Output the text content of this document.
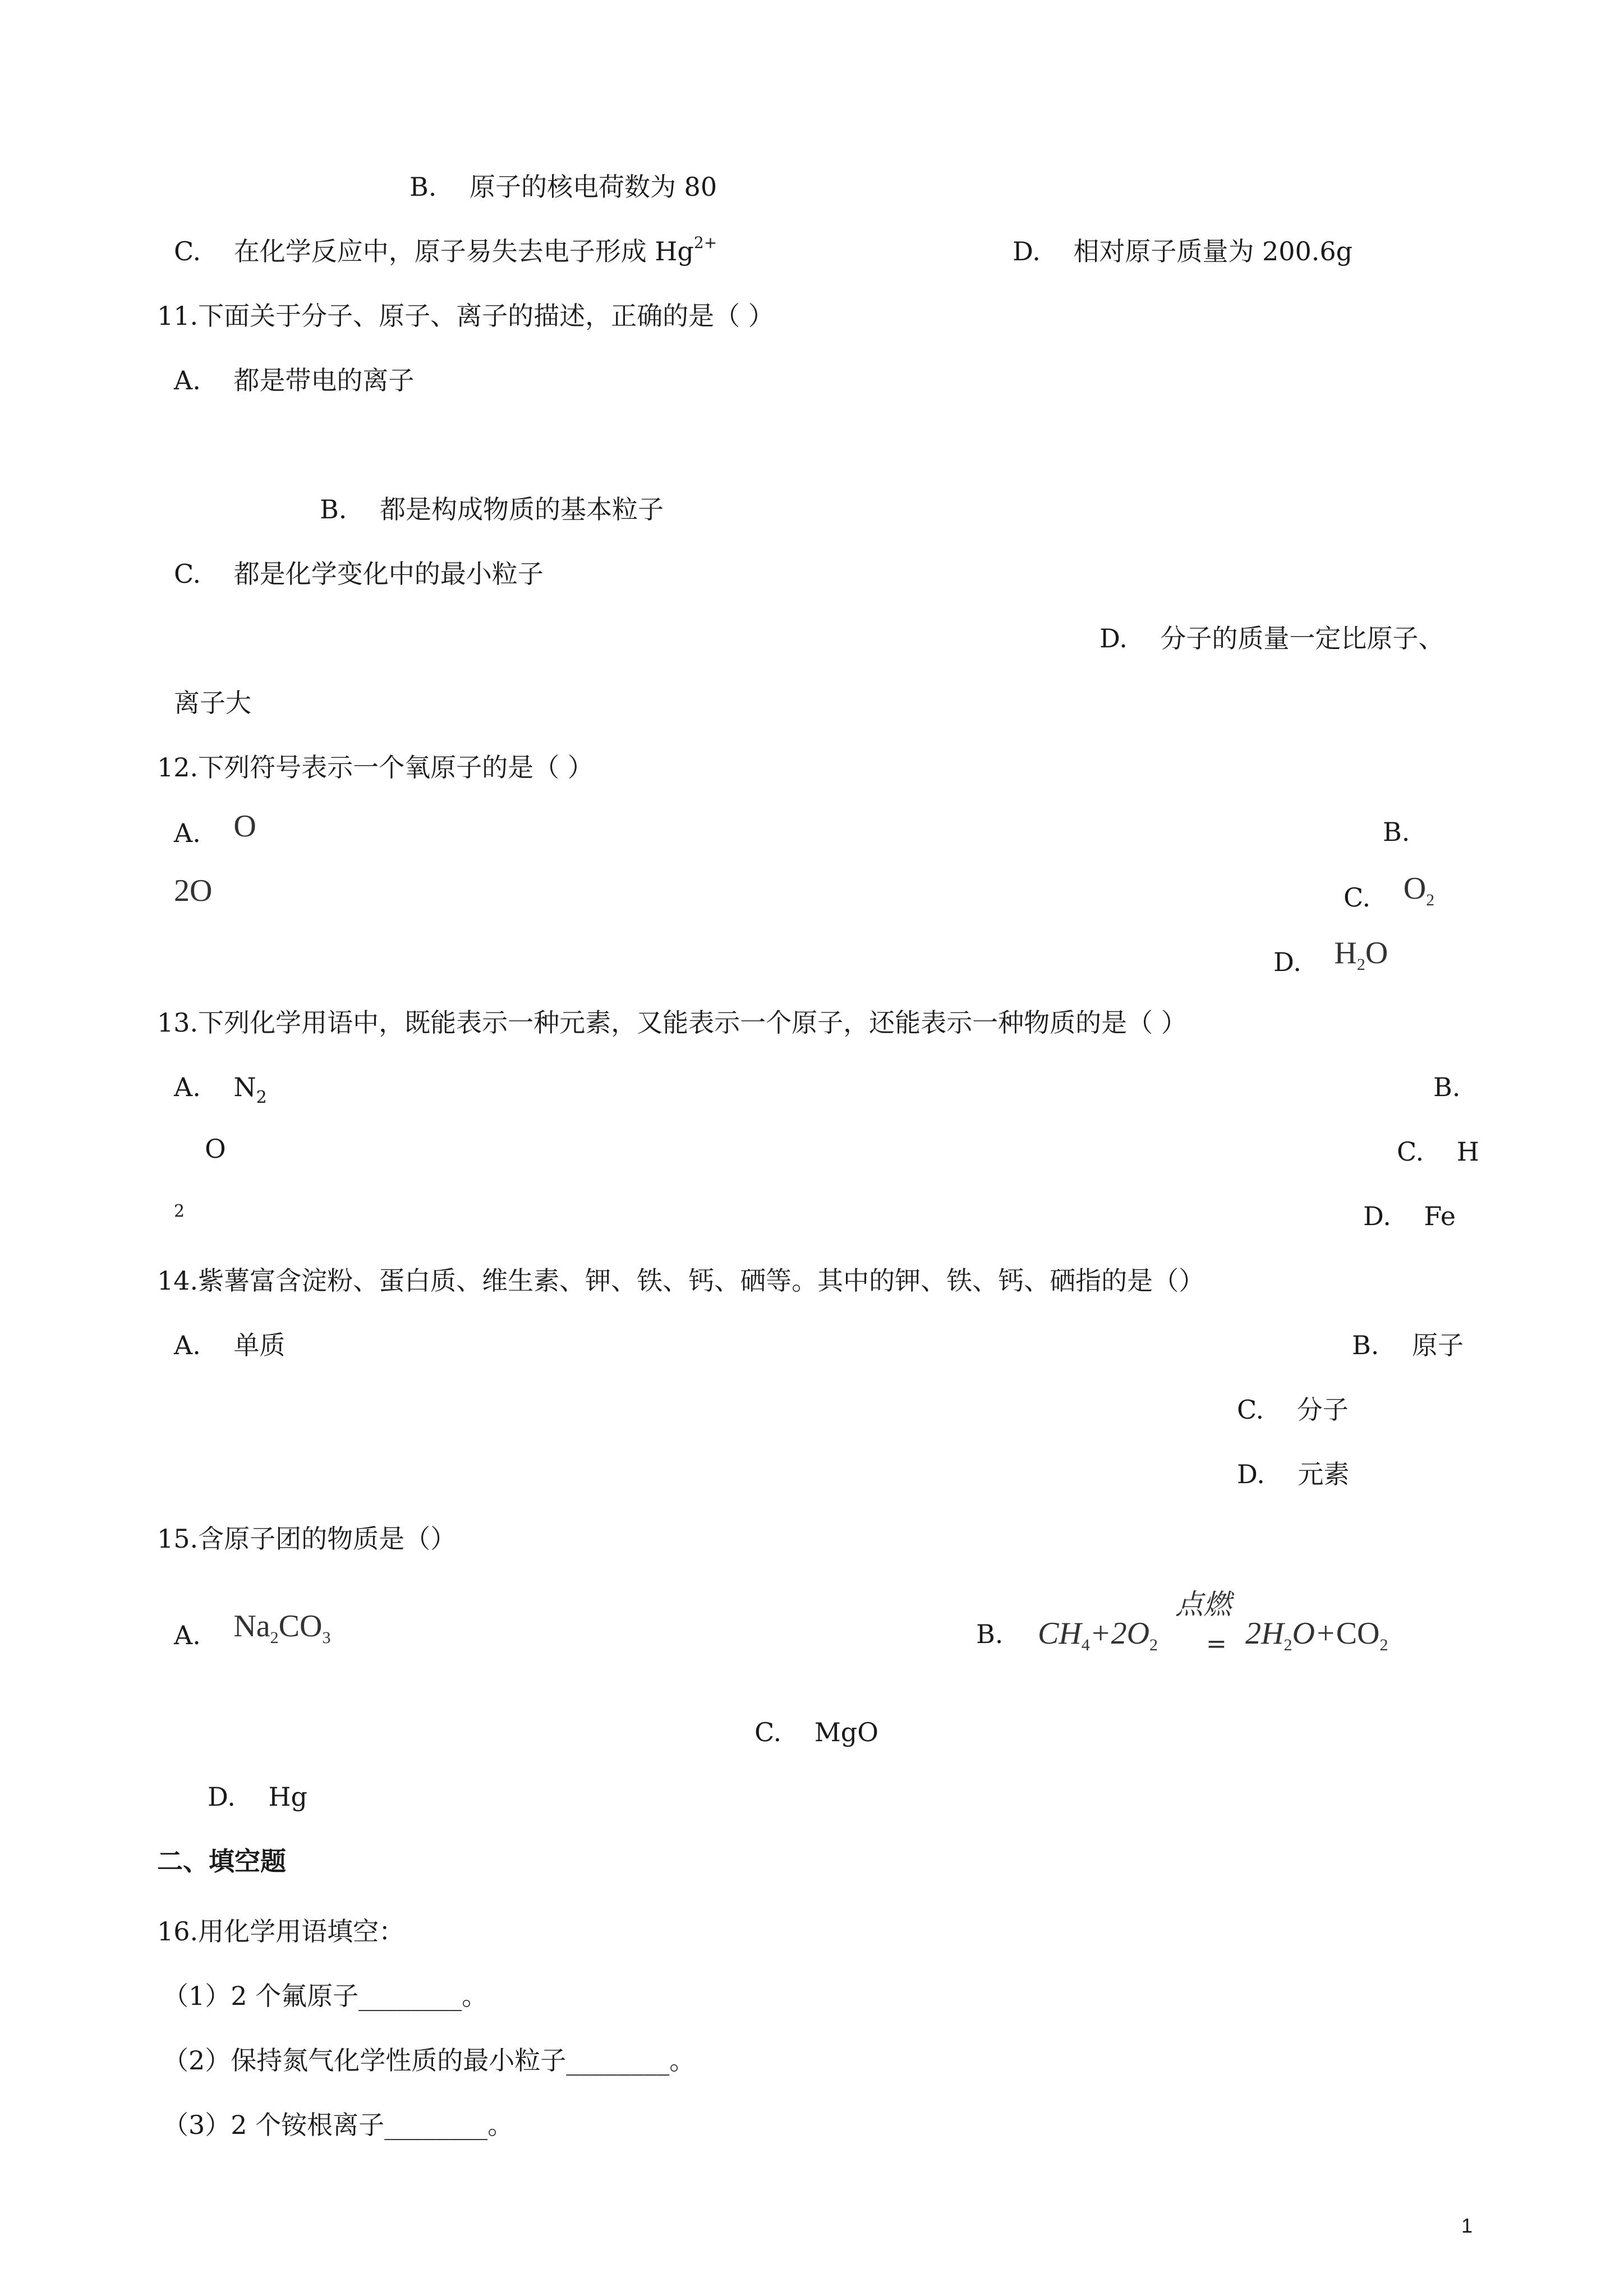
B. 原子的核电荷数为 80
C. 在化学反应中，原子易失去电子形成 $Hg^{2+}$	D. 相对原子质量为 200.6g
11.下面关于分子、原子、离子的描述，正确的是（ ）
A. 都是带电的离子
B. 都是构成物质的基本粒子
C. 都是化学变化中的最小粒子
D. 分子的质量一定比原子、
离子大
12.下列符号表示一个氧原子的是（ ）
A. O	B.
2O	C. $O_2$
D. $H_2O$
13.下列化学用语中，既能表示一种元素，又能表示一个原子，还能表示一种物质的是（ ）
A. $N_2$	B.
O
2
C. H
D. Fe
14.紫薯富含淀粉、蛋白质、维生素、钾、铁、钙、硒等。其中的钾、铁、钙、硒指的是（）
A. 单质	B. 原子
C. 分子
D. 元素
15.含原子团的物质是（）
A. $Na_2CO_3$	B.
点燃
=
$CH_4+2O_2$	$2H_2O+CO_2$
C. MgO
D. Hg
二、填空题
16.用化学用语填空：
（1）2 个氟原子________。
（2）保持氮气化学性质的最小粒子________。
（3）2 个铵根离子________。
1
